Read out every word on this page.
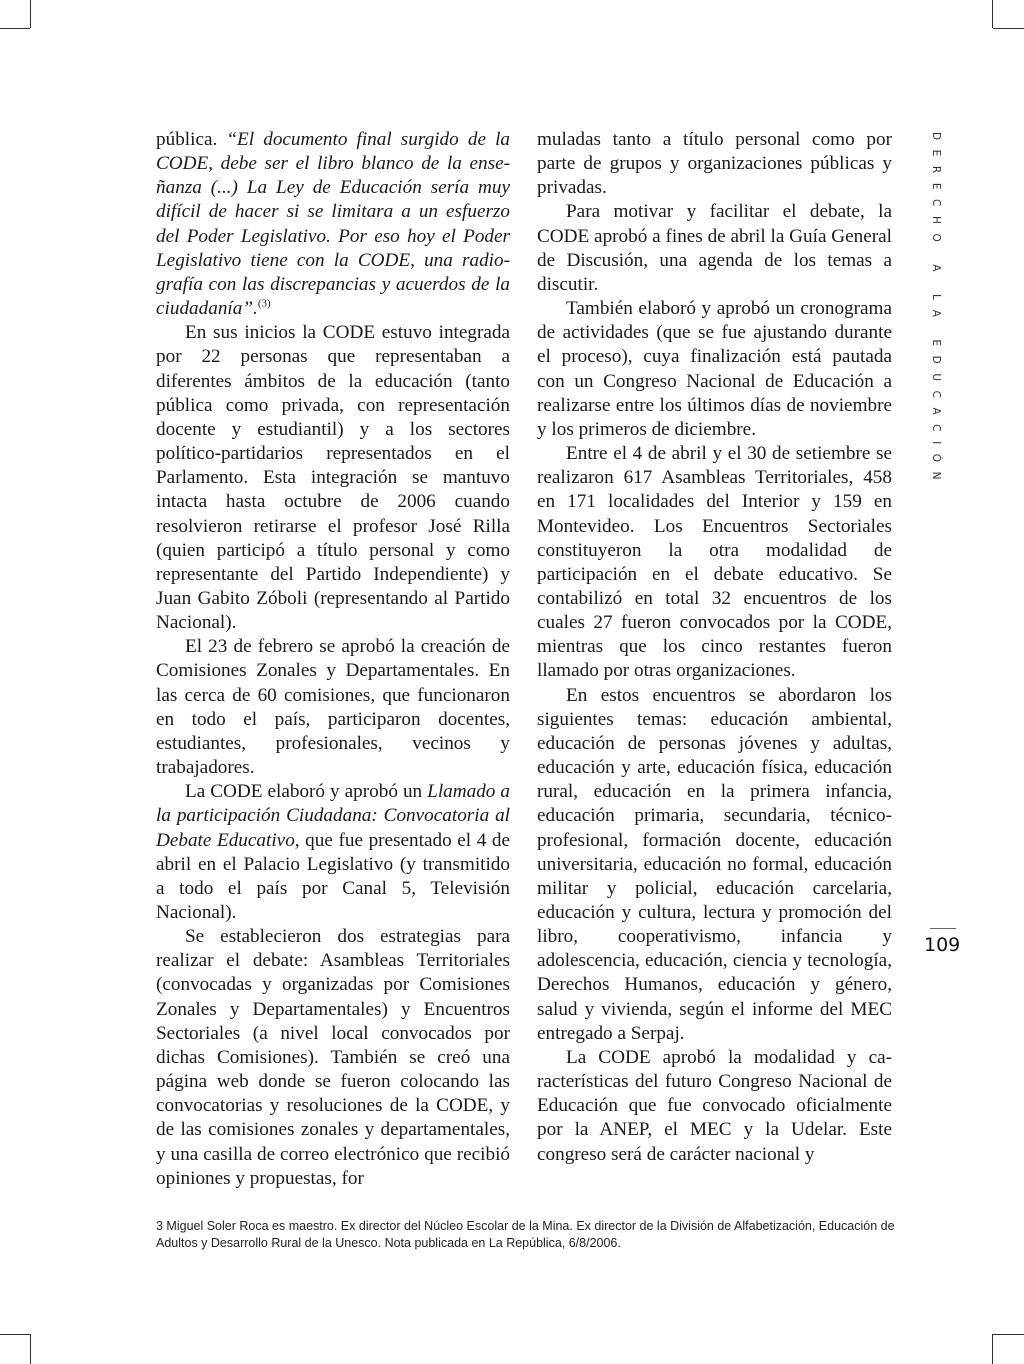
pública. “El documento final surgido de la CODE, debe ser el libro blanco de la enseñanza (...) La Ley de Educación sería muy difícil de hacer si se limitara a un esfuerzo del Poder Legislativo. Por eso hoy el Poder Legislativo tiene con la CODE, una radiografía con las discrepancias y acuerdos de la ciudadanía”.$^{(3)}$

En sus inicios la CODE estuvo integrada por 22 personas que representaban a diferentes ámbitos de la educación (tanto pública como privada, con representación docente y estudiantil) y a los sectores político-partidarios representados en el Parlamento. Esta integración se mantuvo intacta hasta octubre de 2006 cuando resolvieron retirarse el profesor José Rilla (quien participó a título personal y como representante del Partido Independiente) y Juan Gabito Zóboli (representando al Partido Nacional).

El 23 de febrero se aprobó la creación de Comisiones Zonales y Departamentales. En las cerca de 60 comisiones, que funcionaron en todo el país, participaron docentes, estudiantes, profesionales, vecinos y trabajadores.

La CODE elaboró y aprobó un Llamado a la participación Ciudadana: Convocatoria al Debate Educativo, que fue presentado el 4 de abril en el Palacio Legislativo (y transmitido a todo el país por Canal 5, Televisión Nacional).

Se establecieron dos estrategias para realizar el debate: Asambleas Territoriales (convocadas y organizadas por Comisiones Zonales y Departamentales) y Encuentros Sectoriales (a nivel local convocados por dichas Comisiones). También se creó una página web donde se fueron colocando las convocatorias y resoluciones de la CODE, y de las comisiones zonales y departamentales, y una casilla de correo electrónico que recibió opiniones y propuestas, for

muladas tanto a título personal como por parte de grupos y organizaciones públicas y privadas.

Para motivar y facilitar el debate, la CODE aprobó a fines de abril la Guía General de Discusión, una agenda de los temas a discutir.

También elaboró y aprobó un cronograma de actividades (que se fue ajustando durante el proceso), cuya finalización está pautada con un Congreso Nacional de Educación a realizarse entre los últimos días de noviembre y los primeros de diciembre.

Entre el 4 de abril y el 30 de setiembre se realizaron 617 Asambleas Territoriales, 458 en 171 localidades del Interior y 159 en Montevideo. Los Encuentros Sectoriales constituyeron la otra modalidad de participación en el debate educativo. Se contabilizó en total 32 encuentros de los cuales 27 fueron convocados por la CODE, mientras que los cinco restantes fueron llamado por otras organizaciones.

En estos encuentros se abordaron los siguientes temas: educación ambiental, educación de personas jóvenes y adultas, educación y arte, educación física, educación rural, educación en la primera infancia, educación primaria, secundaria, técnico-profesional, formación docente, educación universitaria, educación no formal, educación militar y policial, educación carcelaria, educación y cultura, lectura y promoción del libro, cooperativismo, infancia y adolescencia, educación, ciencia y tecnología, Derechos Humanos, educación y género, salud y vivienda, según el informe del MEC entregado a Serpaj.

La CODE aprobó la modalidad y características del futuro Congreso Nacional de Educación que fue convocado oficialmente por la ANEP, el MEC y la Udelar. Este congreso será de carácter nacional y

DERECHO A LA EDUCACIÓN
109
3 Miguel Soler Roca es maestro. Ex director del Núcleo Escolar de la Mina. Ex director de la División de Alfabetización, Educación de Adultos y Desarrollo Rural de la Unesco. Nota publicada en La República, 6/8/2006.
